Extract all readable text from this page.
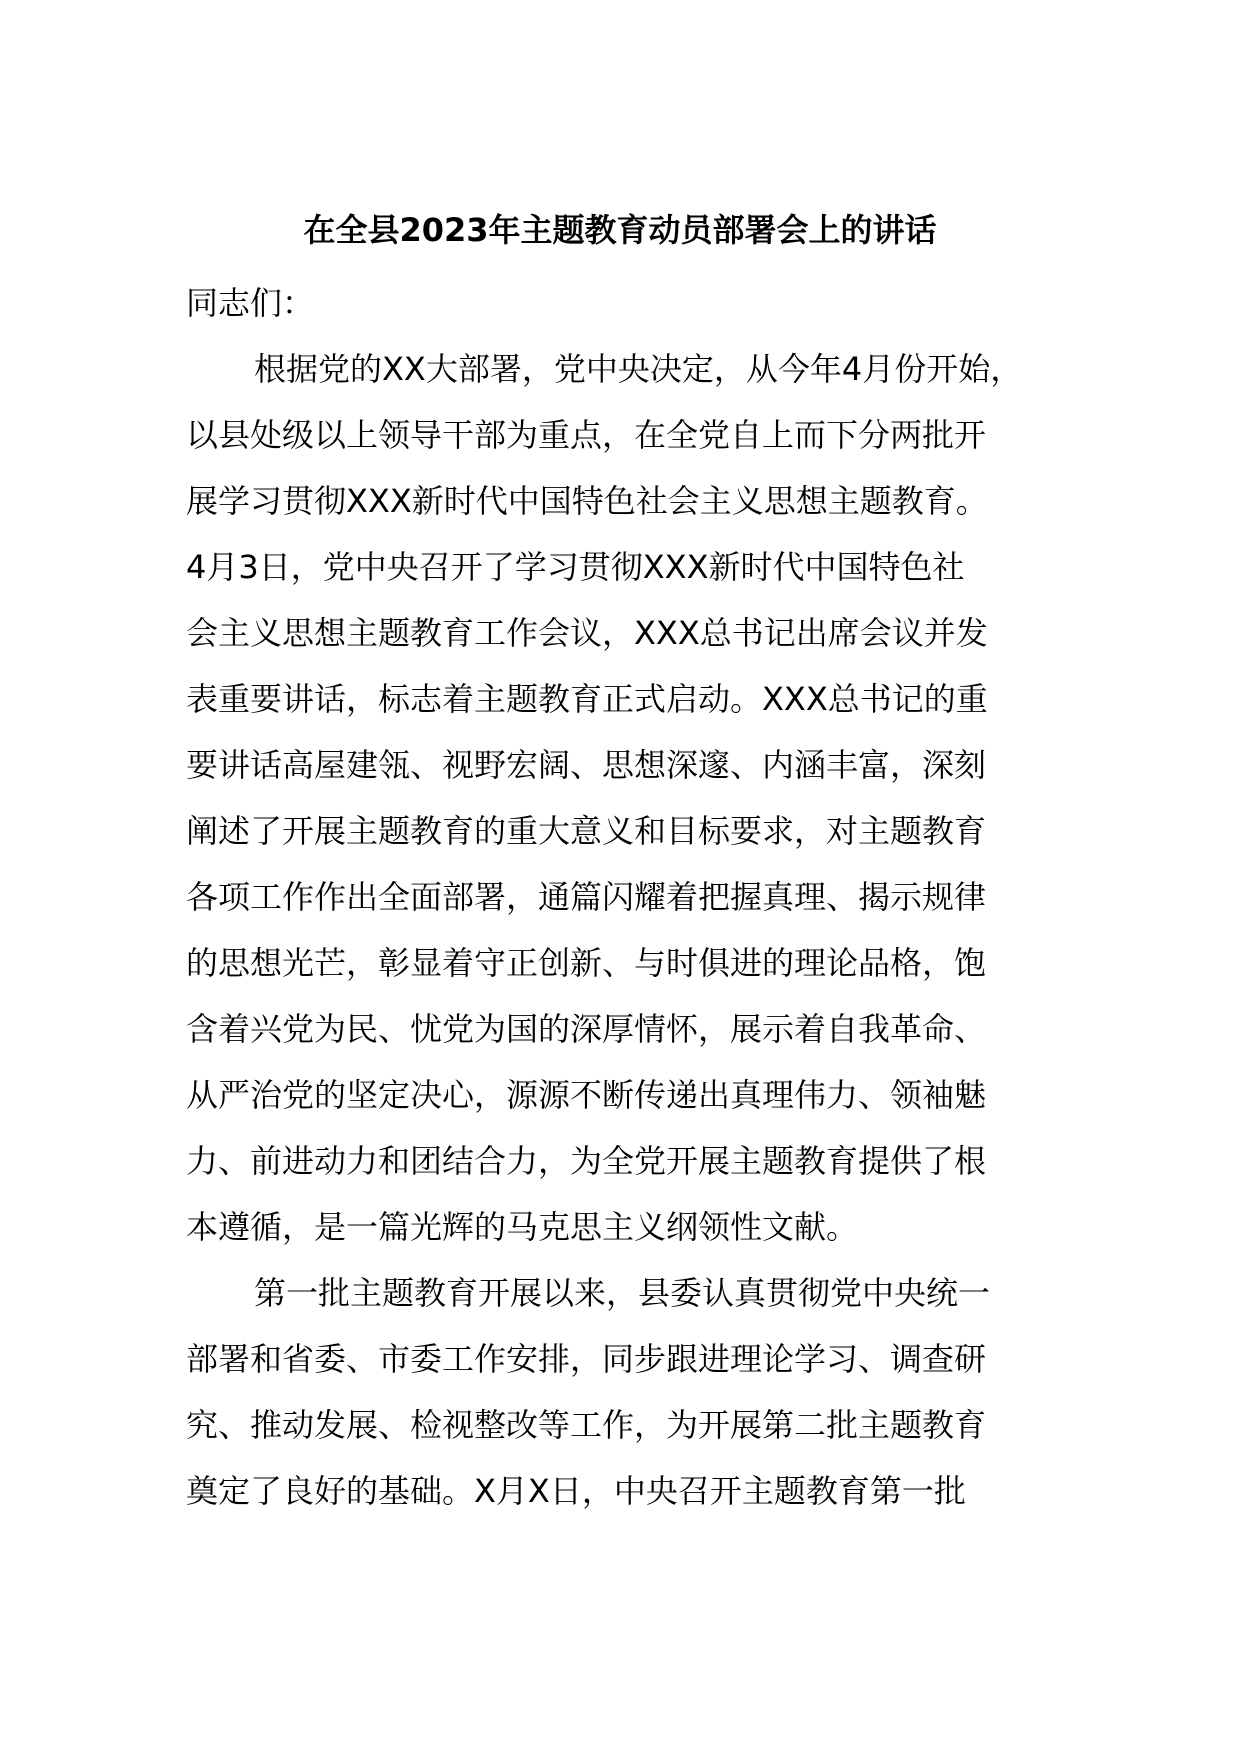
在全县2023年主题教育动员部署会上的讲话

同志们：

根据党的XX大部署，党中央决定，从今年4月份开始，

以县处级以上领导干部为重点，在全党自上而下分两批开

展学习贯彻XXX新时代中国特色社会主义思想主题教育。

4月3日，党中央召开了学习贯彻XXX新时代中国特色社

会主义思想主题教育工作会议，XXX总书记出席会议并发

表重要讲话，标志着主题教育正式启动。XXX总书记的重

要讲话高屋建瓴、视野宏阔、思想深邃、内涵丰富，深刻

阐述了开展主题教育的重大意义和目标要求，对主题教育

各项工作作出全面部署，通篇闪耀着把握真理、揭示规律

的思想光芒，彰显着守正创新、与时俱进的理论品格，饱

含着兴党为民、忧党为国的深厚情怀，展示着自我革命、

从严治党的坚定决心，源源不断传递出真理伟力、领袖魅

力、前进动力和团结合力，为全党开展主题教育提供了根

本遵循，是一篇光辉的马克思主义纲领性文献。

第一批主题教育开展以来，县委认真贯彻党中央统一

部署和省委、市委工作安排，同步跟进理论学习、调查研

究、推动发展、检视整改等工作，为开展第二批主题教育

奠定了良好的基础。X月X日，中央召开主题教育第一批
